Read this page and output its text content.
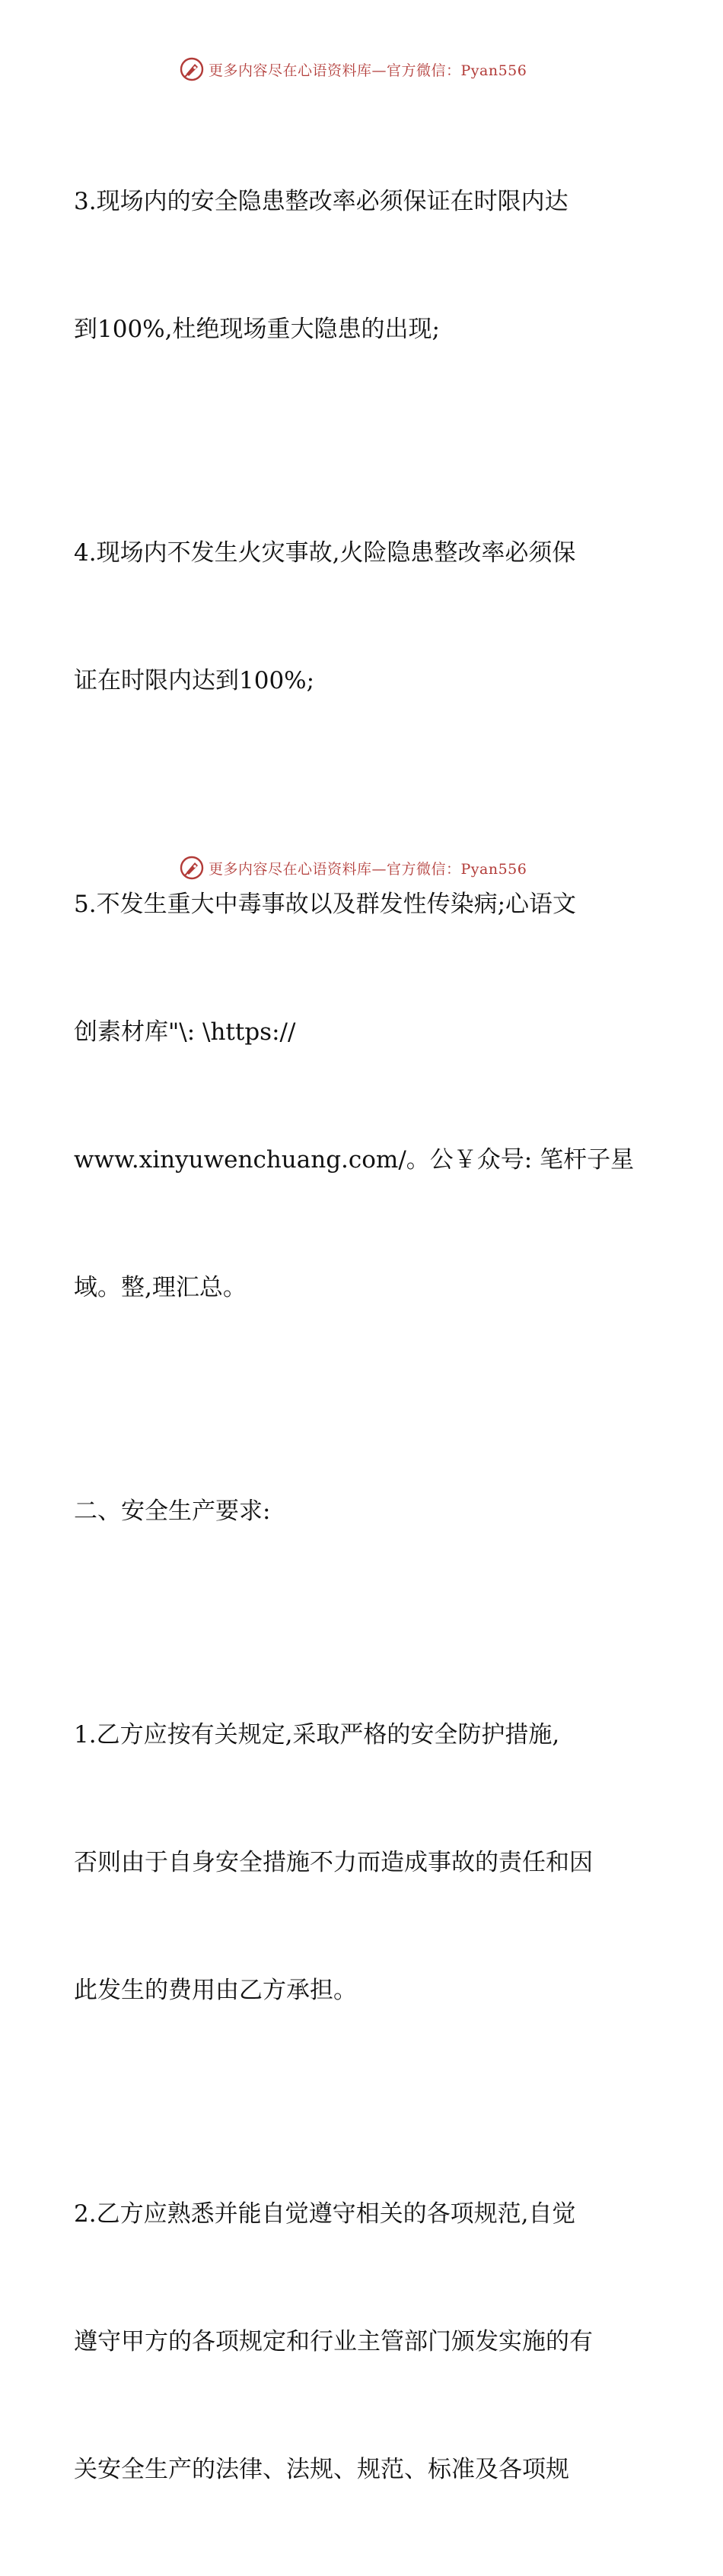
更多内容尽在心语资料库—官方微信：Pyan556

3.现场内的安全隐患整改率必须保证在时限内达

到100%,杜绝现场重大隐患的出现;

4.现场内不发生火灾事故,火险隐患整改率必须保

证在时限内达到100%;

5.不发生重大中毒事故以及群发性传染病;心语文

创素材库"\: \https://

www.xinyuwenchuang.com/。公￥众号: 笔杆子星

域。整,理汇总。

二、安全生产要求:

1.乙方应按有关规定,采取严格的安全防护措施,

否则由于自身安全措施不力而造成事故的责任和因

此发生的费用由乙方承担。

2.乙方应熟悉并能自觉遵守相关的各项规范,自觉

遵守甲方的各项规定和行业主管部门颁发实施的有

关安全生产的法律、法规、规范、标准及各项规

更多内容尽在心语资料库—官方微信：Pyan556
